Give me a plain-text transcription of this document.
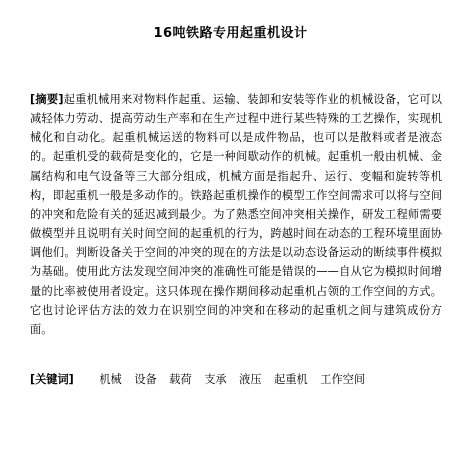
16吨铁路专用起重机设计

[摘要]起重机械用来对物料作起重、运输、装卸和安装等作业的机械设备，它可以减轻体力劳动、提高劳动生产率和在生产过程中进行某些特殊的工艺操作，实现机械化和自动化。起重机械运送的物料可以是成件物品，也可以是散料或者是液态的。起重机受的载荷是变化的，它是一种间歇动作的机械。起重机一般由机械、金属结构和电气设备等三大部分组成，机械方面是指起升、运行、变幅和旋转等机构，即起重机一般是多动作的。铁路起重机操作的模型工作空间需求可以将与空间的冲突和危险有关的延迟减到最少。为了熟悉空间冲突相关操作，研发工程师需要做模型并且说明有关时间空间的起重机的行为，跨越时间在动态的工程环境里面协调他们。判断设备关于空间的冲突的现在的方法是以动态设备运动的断续事件模拟为基础。使用此方法发现空间冲突的准确性可能是错误的——自从它为模拟时间增量的比率被使用者设定。这只体现在操作期间移动起重机占领的工作空间的方式。它也讨论评估方法的效力在识别空间的冲突和在移动的起重机之间与建筑成份方面。

[关键词] 机械 设备 载荷 支承 液压 起重机 工作空间
